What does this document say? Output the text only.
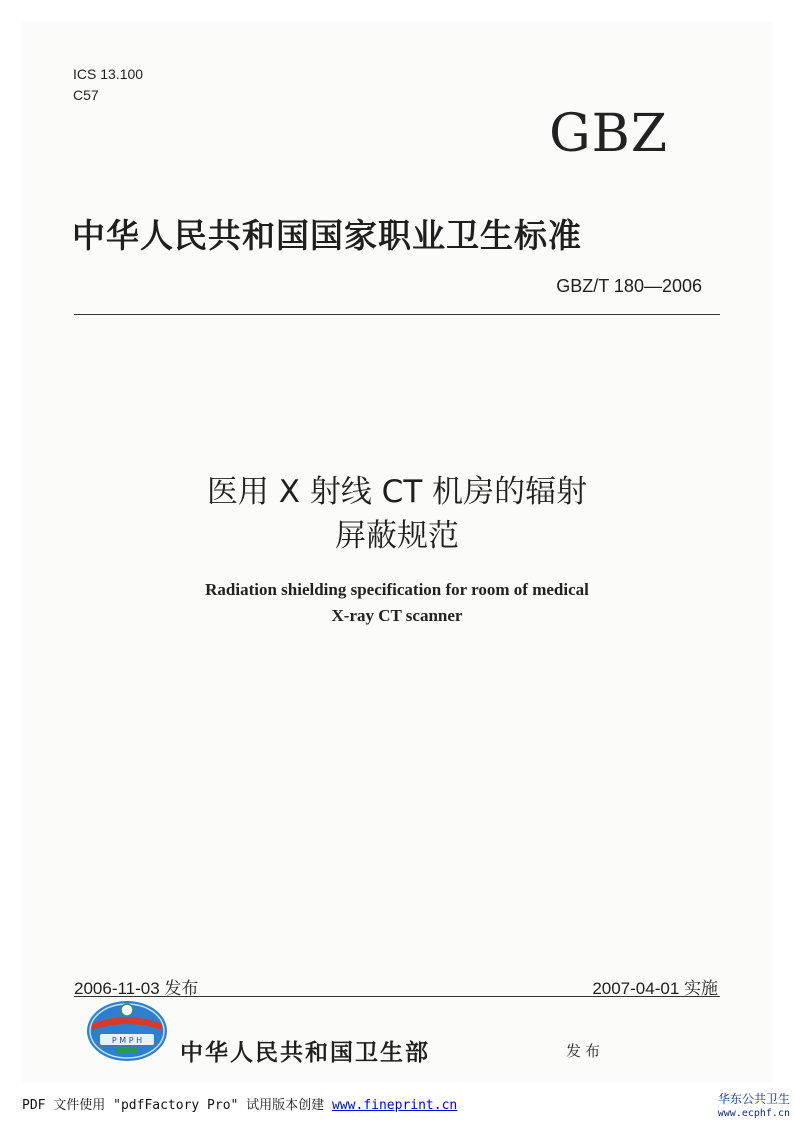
ICS 13.100
C57
GBZ
中华人民共和国国家职业卫生标准
GBZ/T 180—2006
医用 X 射线 CT 机房的辐射
屏蔽规范
Radiation shielding specification for room of medical
X-ray CT scanner
2006-11-03 发布	2007-04-01 实施
P M P H 中华人民共和国卫生部	发布
PDF 文件使用 "pdfFactory Pro" 试用版本创建 www.fineprint.cn	华东公共卫生
www.ecphf.cn
